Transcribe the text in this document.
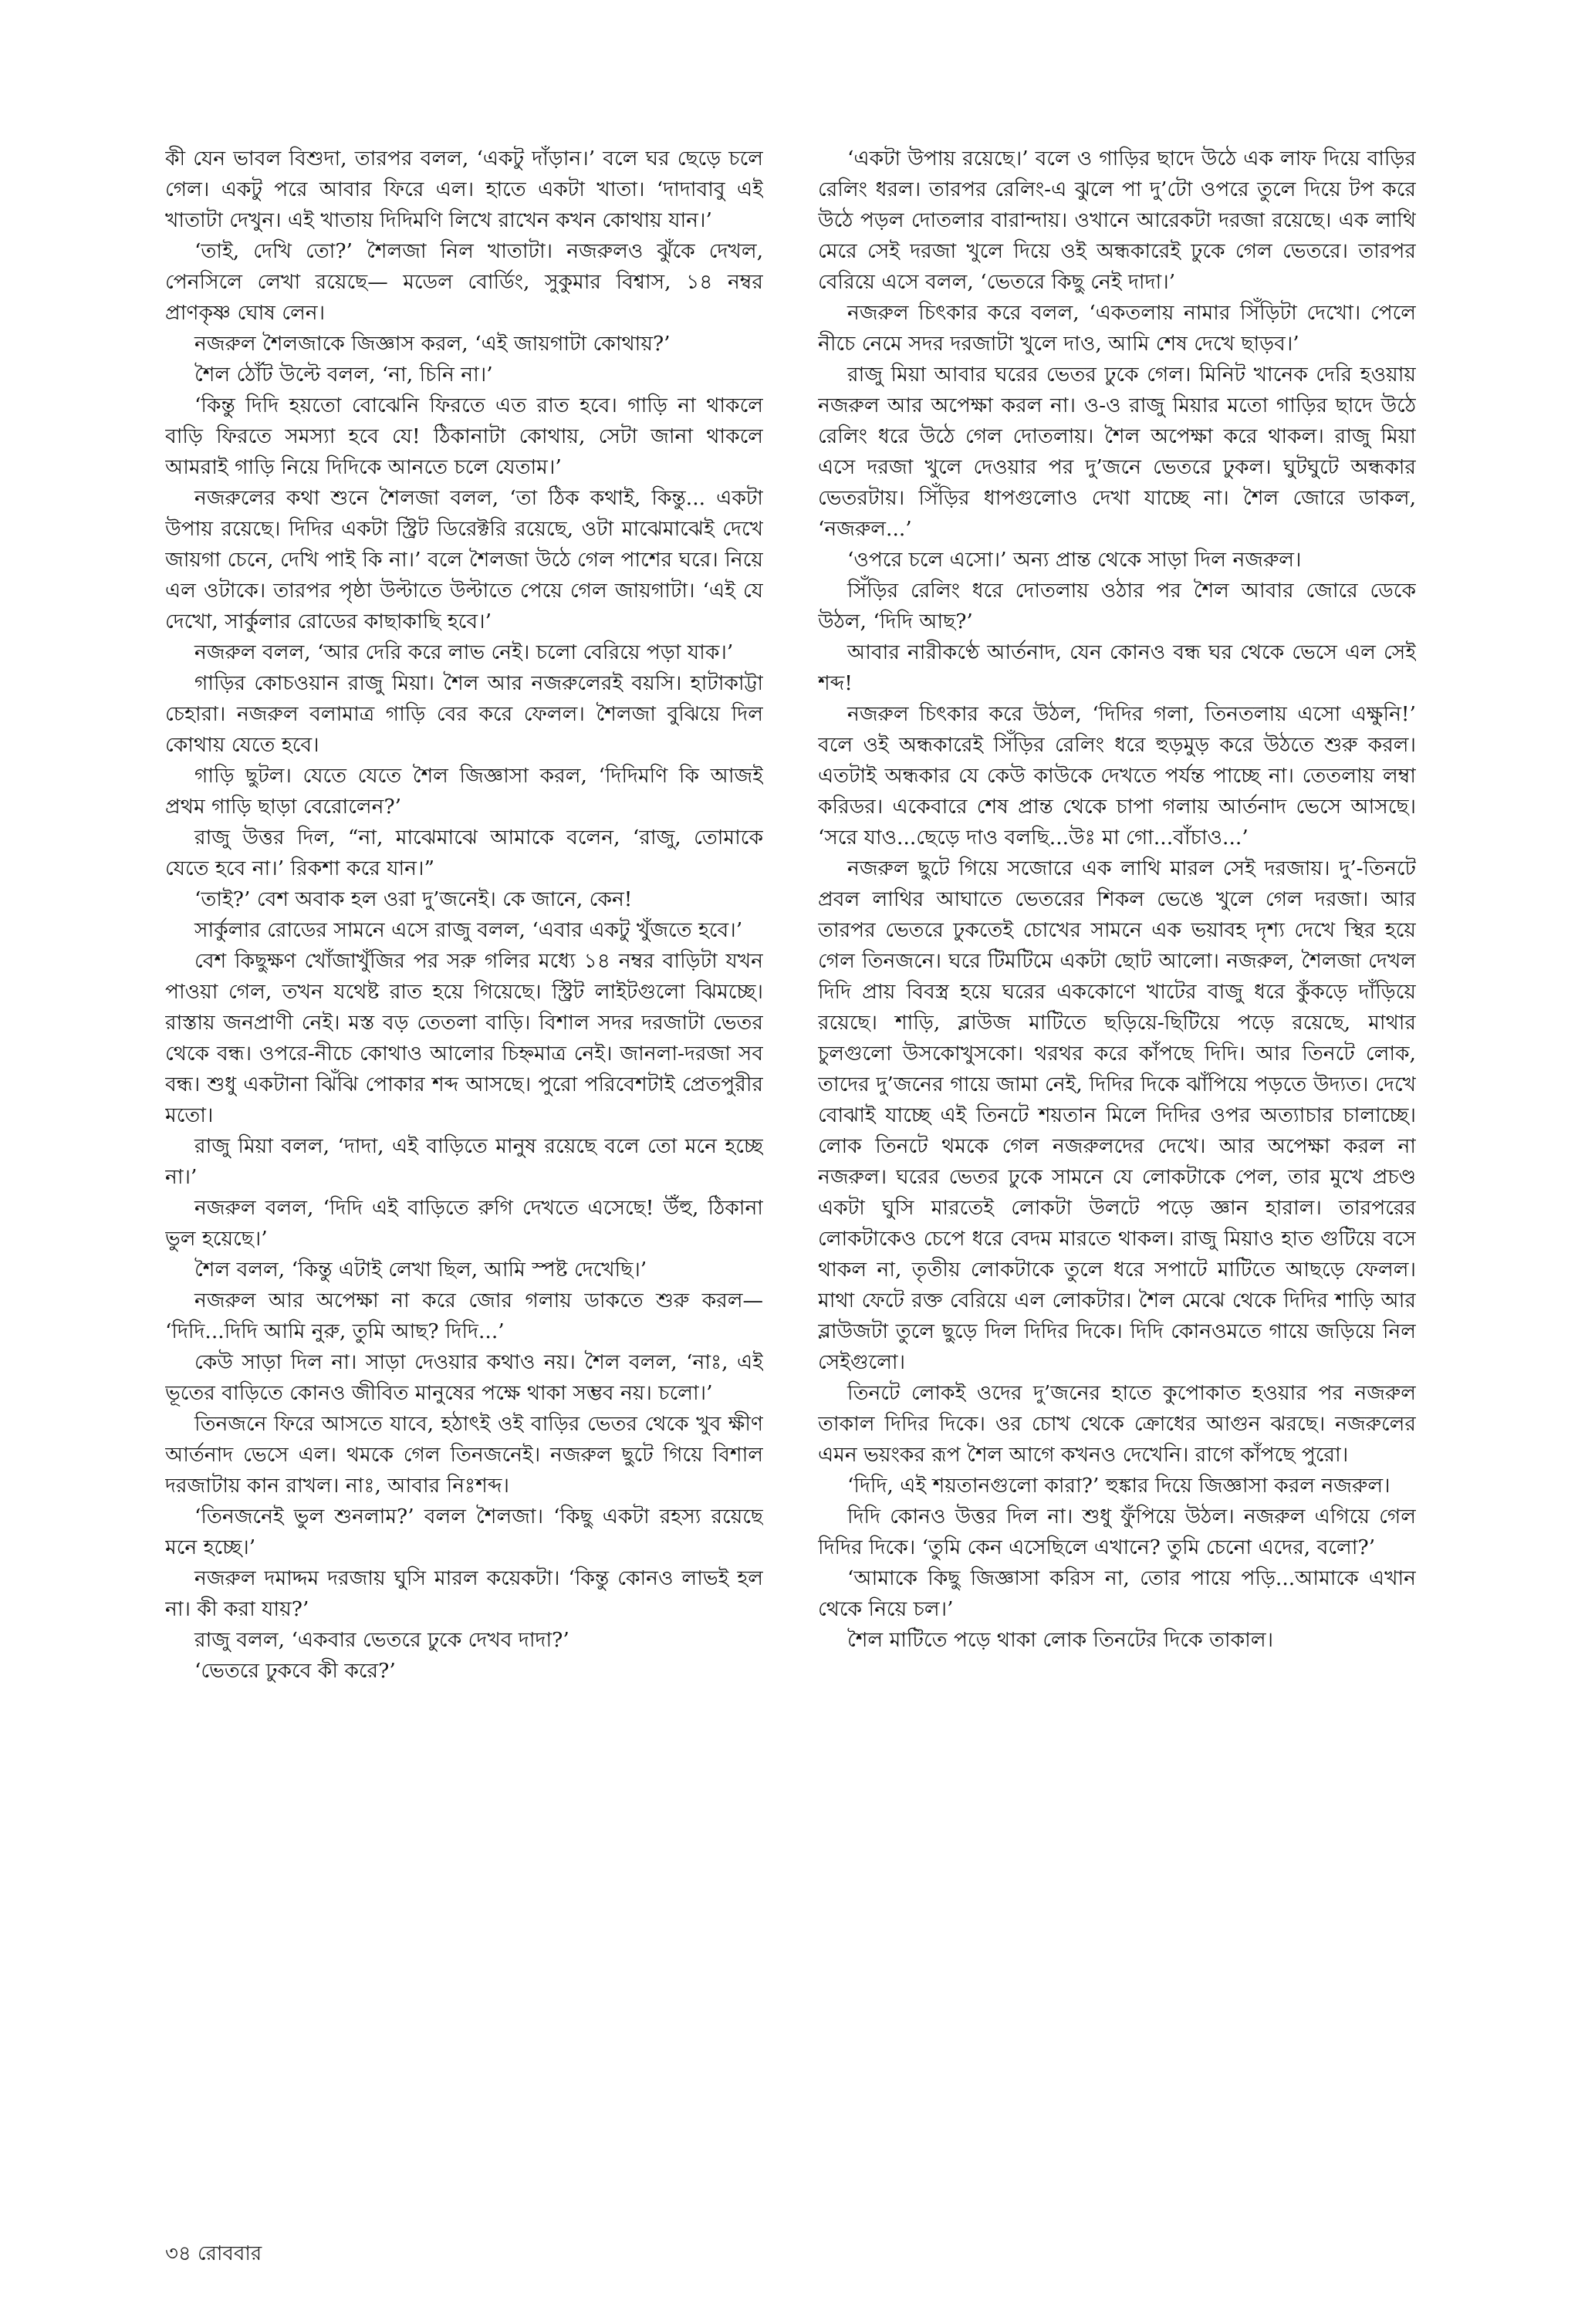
কী যেন ভাবল বিশুদা, তারপর বলল, ‘একটু দাঁড়ান।’ বলে ঘর ছেড়ে চলে গেল। একটু পরে আবার ফিরে এল। হাতে একটা খাতা। ‘দাদাবাবু এই খাতাটা দেখুন। এই খাতায় দিদিমণি লিখে রাখেন কখন কোথায় যান।’

‘তাই, দেখি তো?’ শৈলজা নিল খাতাটা। নজরুলও ঝুঁকে দেখল, পেনসিলে লেখা রয়েছে— মডেল বোর্ডিং, সুকুমার বিশ্বাস, ১৪ নম্বর প্রাণকৃষ্ণ ঘোষ লেন।

নজরুল শৈলজাকে জিজ্ঞাস করল, ‘এই জায়গাটা কোথায়?’

শৈল ঠোঁট উল্টে বলল, ‘না, চিনি না।’

‘কিন্তু দিদি হয়তো বোঝেনি ফিরতে এত রাত হবে। গাড়ি না থাকলে বাড়ি ফিরতে সমস্যা হবে যে! ঠিকানাটা কোথায়, সেটা জানা থাকলে আমরাই গাড়ি নিয়ে দিদিকে আনতে চলে যেতাম।’

নজরুলের কথা শুনে শৈলজা বলল, ‘তা ঠিক কথাই, কিন্তু... একটা উপায় রয়েছে। দিদির একটা স্ট্রিট ডিরেক্টরি রয়েছে, ওটা মাঝেমাঝেই দেখে জায়গা চেনে, দেখি পাই কি না।’ বলে শৈলজা উঠে গেল পাশের ঘরে। নিয়ে এল ওটাকে। তারপর পৃষ্ঠা উল্টাতে উল্টাতে পেয়ে গেল জায়গাটা। ‘এই যে দেখো, সার্কুলার রোডের কাছাকাছি হবে।’

নজরুল বলল, ‘আর দেরি করে লাভ নেই। চলো বেরিয়ে পড়া যাক।’

গাড়ির কোচওয়ান রাজু মিয়া। শৈল আর নজরুলেরই বয়সি। হাটাকাট্টা চেহারা। নজরুল বলামাত্র গাড়ি বের করে ফেলল। শৈলজা বুঝিয়ে দিল কোথায় যেতে হবে।

গাড়ি ছুটল। যেতে যেতে শৈল জিজ্ঞাসা করল, ‘দিদিমণি কি আজই প্রথম গাড়ি ছাড়া বেরোলেন?’

রাজু উত্তর দিল, “না, মাঝেমাঝে আমাকে বলেন, ‘রাজু, তোমাকে যেতে হবে না।’ রিকশা করে যান।”

‘তাই?’ বেশ অবাক হল ওরা দু’জনেই। কে জানে, কেন!

সার্কুলার রোডের সামনে এসে রাজু বলল, ‘এবার একটু খুঁজতে হবে।’

বেশ কিছুক্ষণ খোঁজাখুঁজির পর সরু গলির মধ্যে ১৪ নম্বর বাড়িটা যখন পাওয়া গেল, তখন যথেষ্ট রাত হয়ে গিয়েছে। স্ট্রিট লাইটগুলো ঝিমচ্ছে। রাস্তায় জনপ্রাণী নেই। মস্ত বড় তেতলা বাড়ি। বিশাল সদর দরজাটা ভেতর থেকে বন্ধ। ওপরে-নীচে কোথাও আলোর চিহ্নমাত্র নেই। জানলা-দরজা সব বন্ধ। শুধু একটানা ঝিঁঝি পোকার শব্দ আসছে। পুরো পরিবেশটাই প্রেতপুরীর মতো।

রাজু মিয়া বলল, ‘দাদা, এই বাড়িতে মানুষ রয়েছে বলে তো মনে হচ্ছে না।’

নজরুল বলল, ‘দিদি এই বাড়িতে রুগি দেখতে এসেছে! উঁহু, ঠিকানা ভুল হয়েছে।’

শৈল বলল, ‘কিন্তু এটাই লেখা ছিল, আমি স্পষ্ট দেখেছি।’

নজরুল আর অপেক্ষা না করে জোর গলায় ডাকতে শুরু করল— ‘দিদি...দিদি আমি নুরু, তুমি আছ? দিদি...’

কেউ সাড়া দিল না। সাড়া দেওয়ার কথাও নয়। শৈল বলল, ‘নাঃ, এই ভূতের বাড়িতে কোনও জীবিত মানুষের পক্ষে থাকা সম্ভব নয়। চলো।’

তিনজনে ফিরে আসতে যাবে, হঠাৎই ওই বাড়ির ভেতর থেকে খুব ক্ষীণ আর্তনাদ ভেসে এল। থমকে গেল তিনজনেই। নজরুল ছুটে গিয়ে বিশাল দরজাটায় কান রাখল। নাঃ, আবার নিঃশব্দ।

‘তিনজনেই ভুল শুনলাম?’ বলল শৈলজা। ‘কিছু একটা রহস্য রয়েছে মনে হচ্ছে।’

নজরুল দমাদ্দম দরজায় ঘুসি মারল কয়েকটা। ‘কিন্তু কোনও লাভই হল না। কী করা যায়?’

রাজু বলল, ‘একবার ভেতরে ঢুকে দেখব দাদা?’

‘ভেতরে ঢুকবে কী করে?’

‘একটা উপায় রয়েছে।’ বলে ও গাড়ির ছাদে উঠে এক লাফ দিয়ে বাড়ির রেলিং ধরল। তারপর রেলিং-এ ঝুলে পা দু’টো ওপরে তুলে দিয়ে টপ করে উঠে পড়ল দোতলার বারান্দায়। ওখানে আরেকটা দরজা রয়েছে। এক লাথি মেরে সেই দরজা খুলে দিয়ে ওই অন্ধকারেই ঢুকে গেল ভেতরে। তারপর বেরিয়ে এসে বলল, ‘ভেতরে কিছু নেই দাদা।’

নজরুল চিৎকার করে বলল, ‘একতলায় নামার সিঁড়িটা দেখো। পেলে নীচে নেমে সদর দরজাটা খুলে দাও, আমি শেষ দেখে ছাড়ব।’

রাজু মিয়া আবার ঘরের ভেতর ঢুকে গেল। মিনিট খানেক দেরি হওয়ায় নজরুল আর অপেক্ষা করল না। ও-ও রাজু মিয়ার মতো গাড়ির ছাদে উঠে রেলিং ধরে উঠে গেল দোতলায়। শৈল অপেক্ষা করে থাকল। রাজু মিয়া এসে দরজা খুলে দেওয়ার পর দু’জনে ভেতরে ঢুকল। ঘুটঘুটে অন্ধকার ভেতরটায়। সিঁড়ির ধাপগুলোও দেখা যাচ্ছে না। শৈল জোরে ডাকল, ‘নজরুল...’

‘ওপরে চলে এসো।’ অন্য প্রান্ত থেকে সাড়া দিল নজরুল।

সিঁড়ির রেলিং ধরে দোতলায় ওঠার পর শৈল আবার জোরে ডেকে উঠল, ‘দিদি আছ?’

আবার নারীকণ্ঠে আর্তনাদ, যেন কোনও বন্ধ ঘর থেকে ভেসে এল সেই শব্দ!

নজরুল চিৎকার করে উঠল, ‘দিদির গলা, তিনতলায় এসো এক্ষুনি!’ বলে ওই অন্ধকারেই সিঁড়ির রেলিং ধরে হুড়মুড় করে উঠতে শুরু করল। এতটাই অন্ধকার যে কেউ কাউকে দেখতে পর্যন্ত পাচ্ছে না। তেতলায় লম্বা করিডর। একেবারে শেষ প্রান্ত থেকে চাপা গলায় আর্তনাদ ভেসে আসছে। ‘সরে যাও...ছেড়ে দাও বলছি...উঃ মা গো...বাঁচাও...’

নজরুল ছুটে গিয়ে সজোরে এক লাথি মারল সেই দরজায়। দু’-তিনটে প্রবল লাথির আঘাতে ভেতরের শিকল ভেঙে খুলে গেল দরজা। আর তারপর ভেতরে ঢুকতেই চোখের সামনে এক ভয়াবহ দৃশ্য দেখে স্থির হয়ে গেল তিনজনে। ঘরে টিমটিমে একটা ছোট আলো। নজরুল, শৈলজা দেখল দিদি প্রায় বিবস্ত্র হয়ে ঘরের এককোণে খাটের বাজু ধরে কুঁকড়ে দাঁড়িয়ে রয়েছে। শাড়ি, ব্লাউজ মাটিতে ছড়িয়ে-ছিটিয়ে পড়ে রয়েছে, মাথার চুলগুলো উসকোখুসকো। থরথর করে কাঁপছে দিদি। আর তিনটে লোক, তাদের দু’জনের গায়ে জামা নেই, দিদির দিকে ঝাঁপিয়ে পড়তে উদ্যত। দেখে বোঝাই যাচ্ছে এই তিনটে শয়তান মিলে দিদির ওপর অত্যাচার চালাচ্ছে। লোক তিনটে থমকে গেল নজরুলদের দেখে। আর অপেক্ষা করল না নজরুল। ঘরের ভেতর ঢুকে সামনে যে লোকটাকে পেল, তার মুখে প্রচণ্ড একটা ঘুসি মারতেই লোকটা উলটে পড়ে জ্ঞান হারাল। তারপরের লোকটাকেও চেপে ধরে বেদম মারতে থাকল। রাজু মিয়াও হাত গুটিয়ে বসে থাকল না, তৃতীয় লোকটাকে তুলে ধরে সপাটে মাটিতে আছড়ে ফেলল। মাথা ফেটে রক্ত বেরিয়ে এল লোকটার। শৈল মেঝে থেকে দিদির শাড়ি আর ব্লাউজটা তুলে ছুড়ে দিল দিদির দিকে। দিদি কোনওমতে গায়ে জড়িয়ে নিল সেইগুলো।

তিনটে লোকই ওদের দু’জনের হাতে কুপোকাত হওয়ার পর নজরুল তাকাল দিদির দিকে। ওর চোখ থেকে ক্রোধের আগুন ঝরছে। নজরুলের এমন ভয়ংকর রূপ শৈল আগে কখনও দেখেনি। রাগে কাঁপছে পুরো।

‘দিদি, এই শয়তানগুলো কারা?’ হুঙ্কার দিয়ে জিজ্ঞাসা করল নজরুল।

দিদি কোনও উত্তর দিল না। শুধু ফুঁপিয়ে উঠল। নজরুল এগিয়ে গেল দিদির দিকে। ‘তুমি কেন এসেছিলে এখানে? তুমি চেনো এদের, বলো?’

‘আমাকে কিছু জিজ্ঞাসা করিস না, তোর পায়ে পড়ি...আমাকে এখান থেকে নিয়ে চল।’

শৈল মাটিতে পড়ে থাকা লোক তিনটের দিকে তাকাল।

৩৪ রোববার
